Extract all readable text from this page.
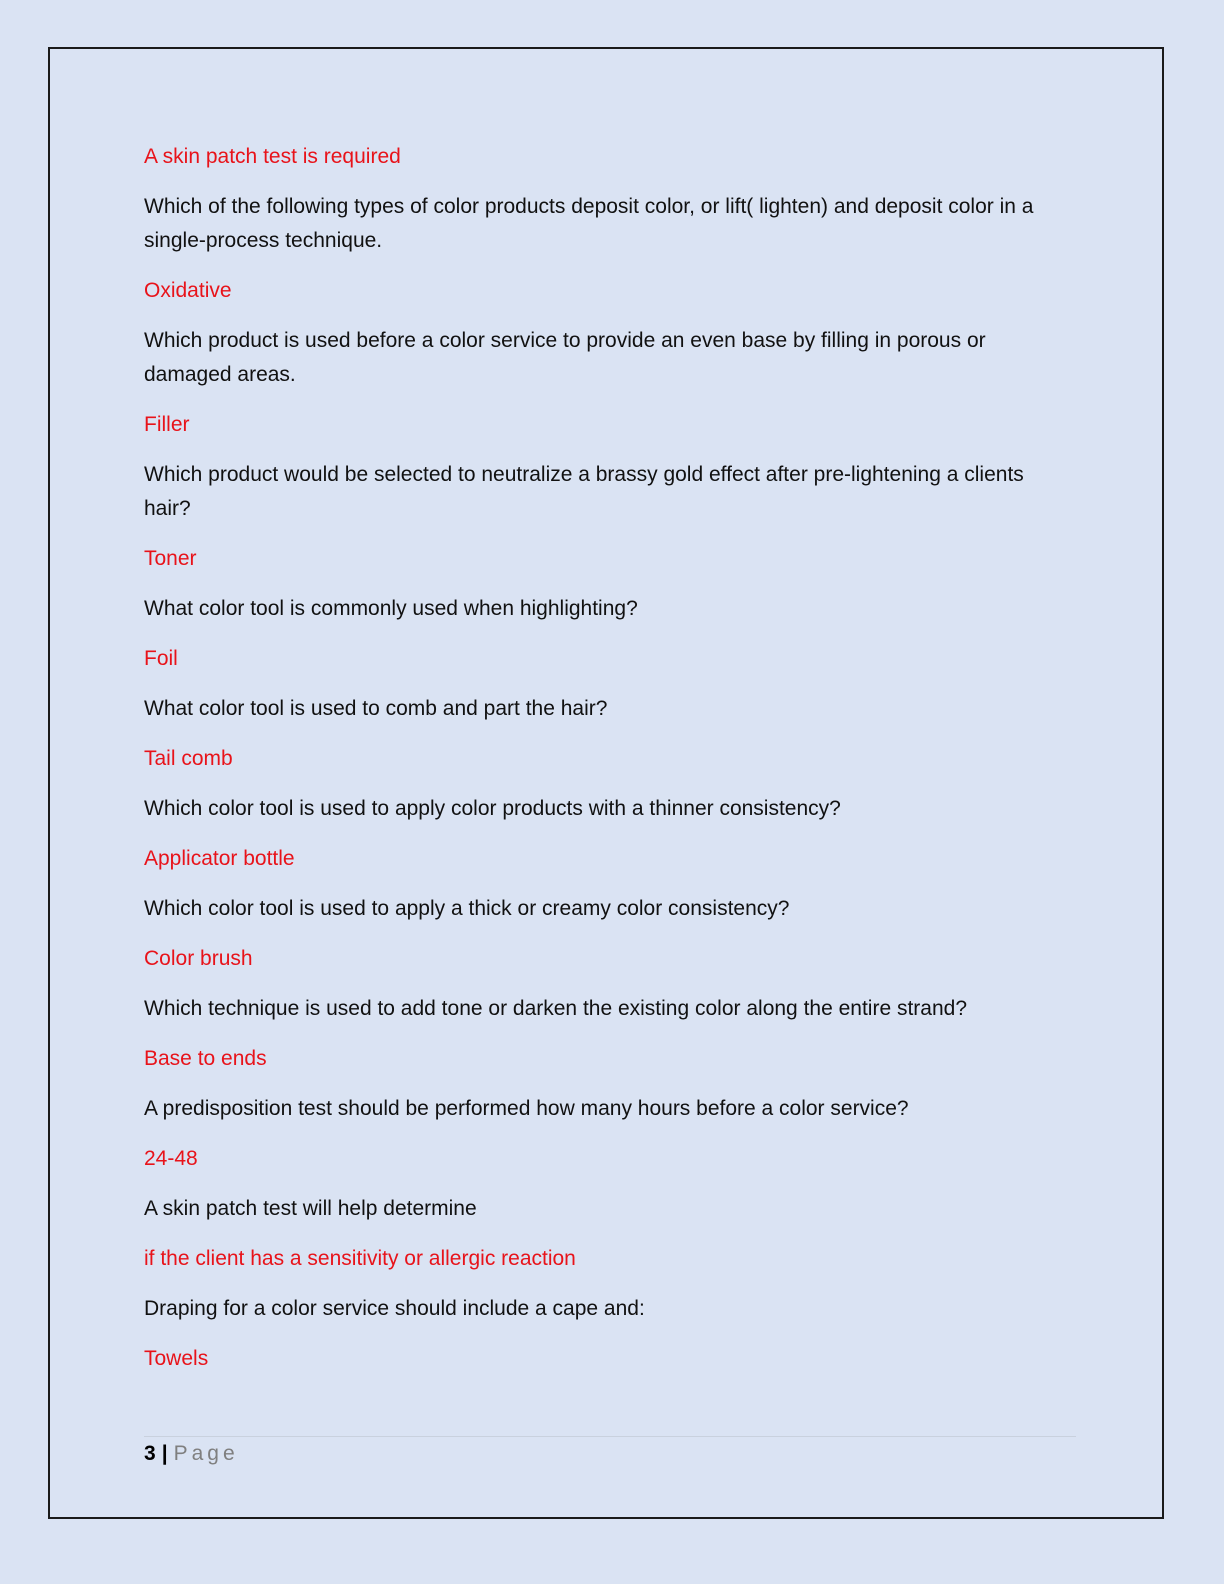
A skin patch test is required

Which of the following types of color products deposit color, or lift( lighten) and deposit color in a single-process technique.

Oxidative

Which product is used before a color service to provide an even base by filling in porous or damaged areas.

Filler

Which product would be selected to neutralize a brassy gold effect after pre-lightening a clients hair?

Toner

What color tool is commonly used when highlighting?

Foil

What color tool is used to comb and part the hair?

Tail comb

Which color tool is used to apply color products with a thinner consistency?

Applicator bottle

Which color tool is used to apply a thick or creamy color consistency?

Color brush

Which technique is used to add tone or darken the existing color along the entire strand?

Base to ends

A predisposition test should be performed how many hours before a color service?

24-48

A skin patch test will help determine

if the client has a sensitivity or allergic reaction

Draping for a color service should include a cape and:

Towels

3 | Page
